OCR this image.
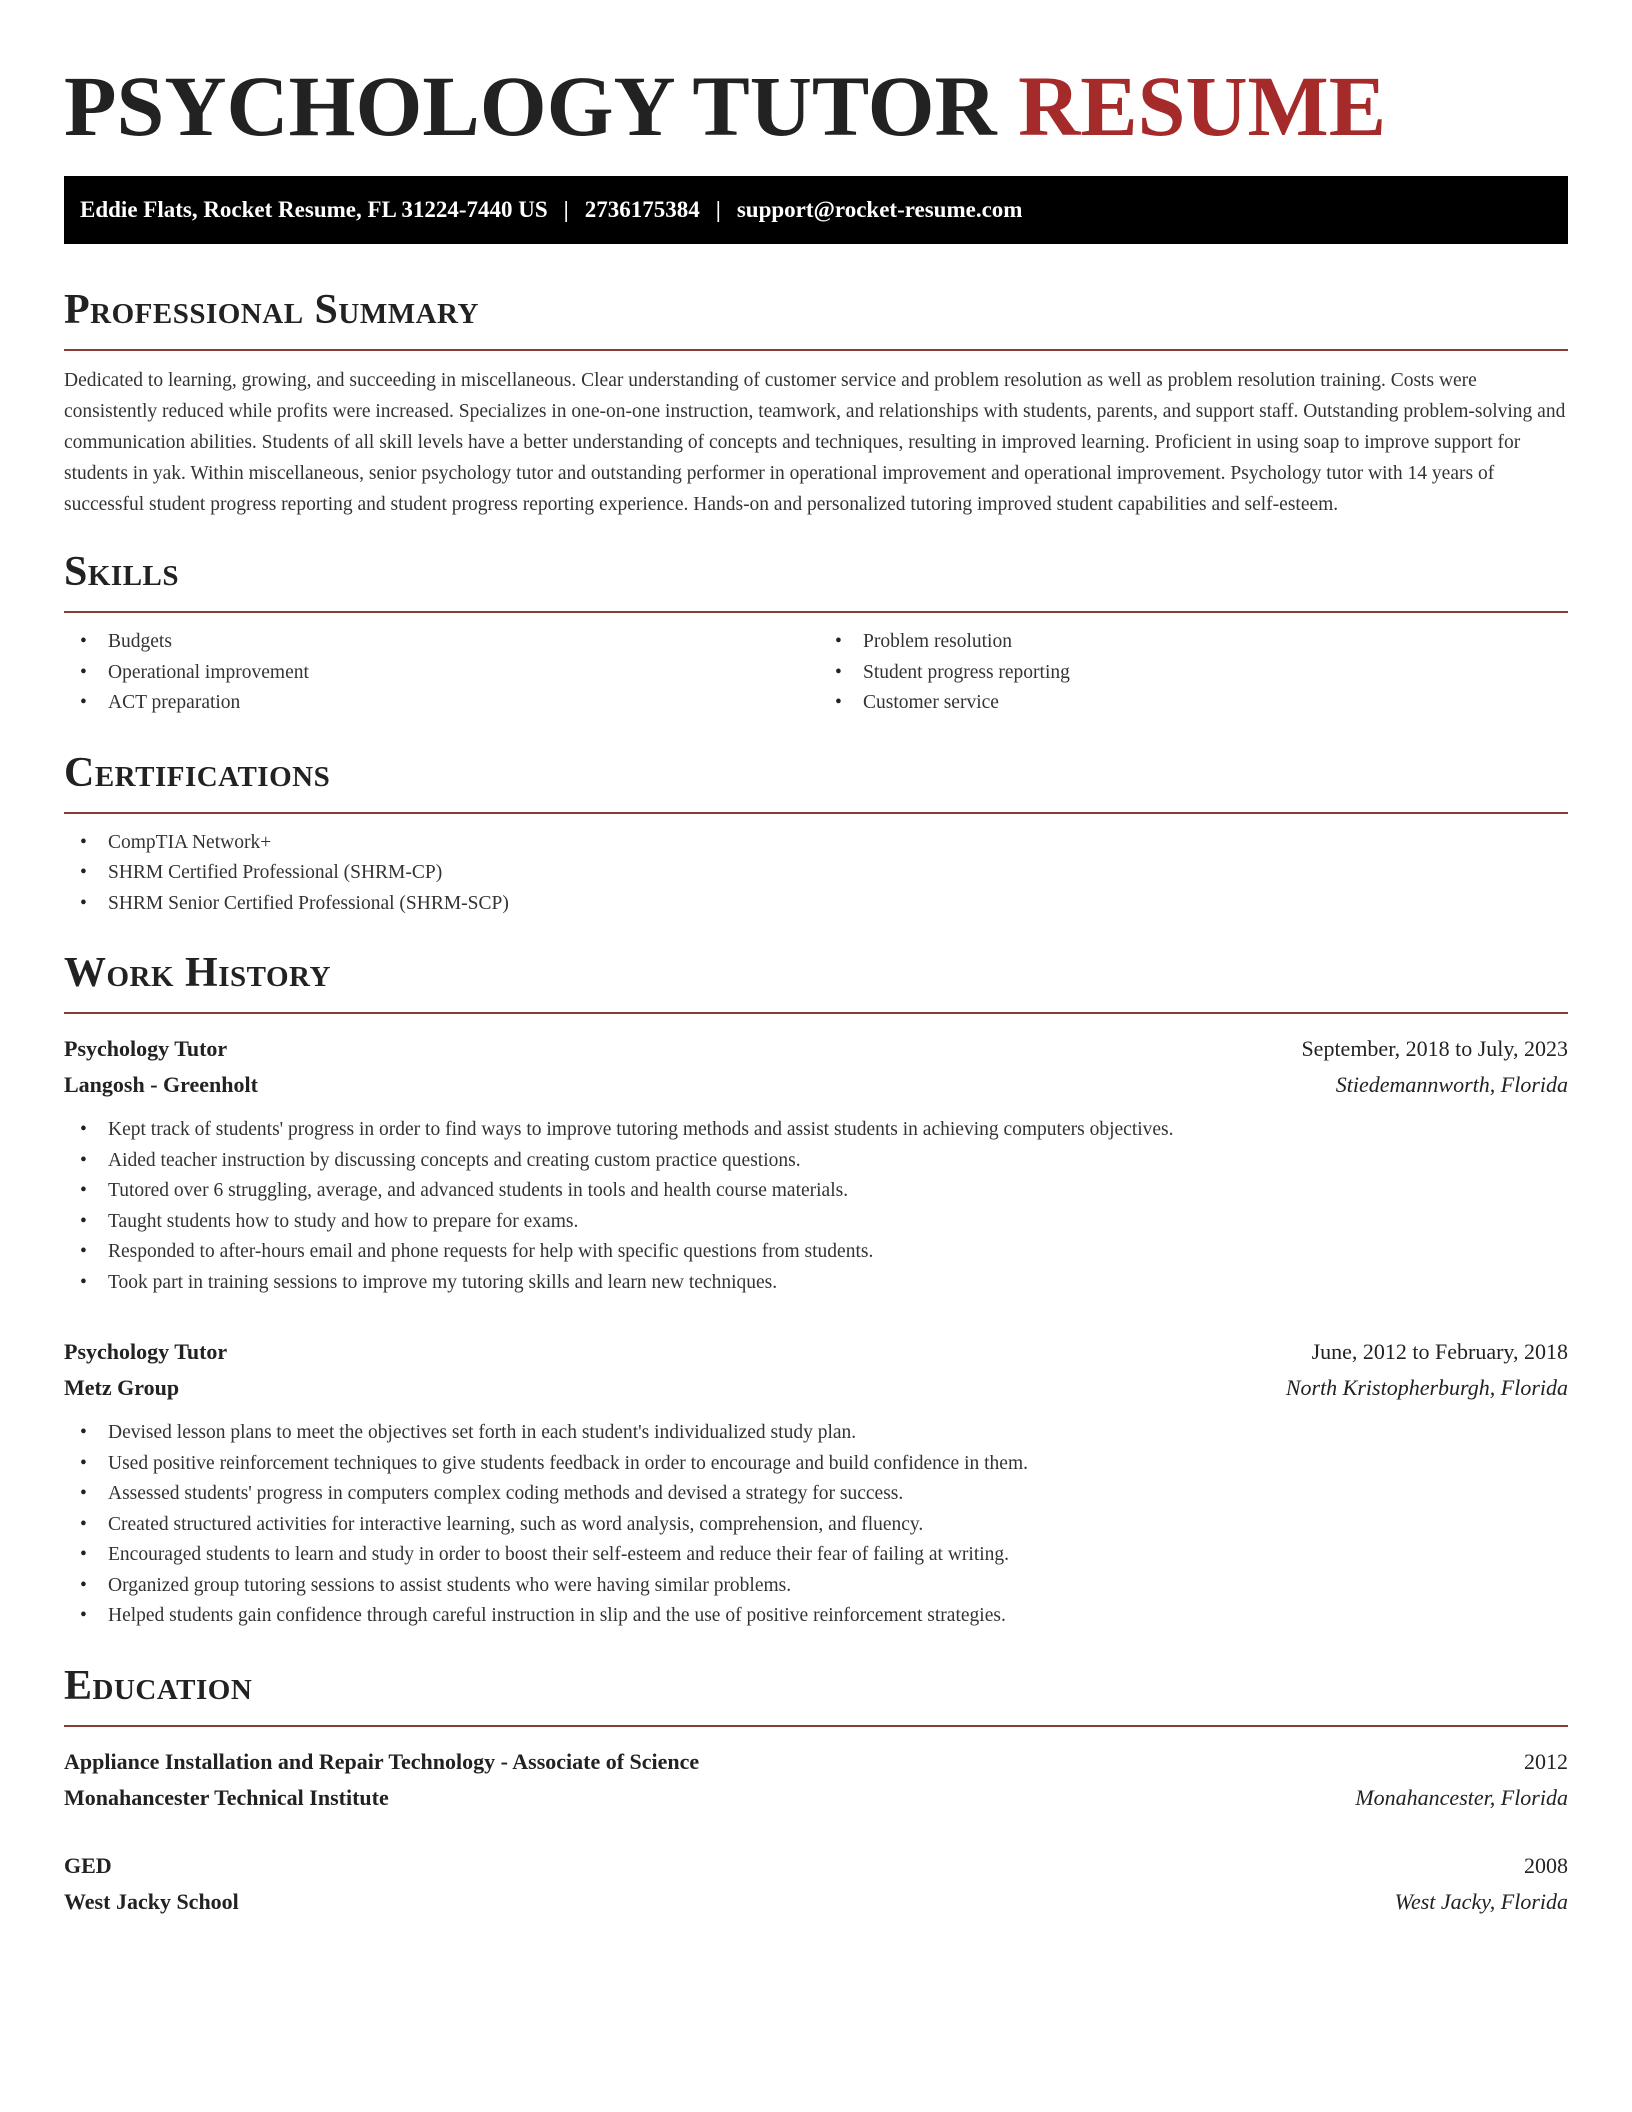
PSYCHOLOGY TUTOR RESUME
Eddie Flats, Rocket Resume, FL 31224-7440 US | 2736175384 | support@rocket-resume.com
Professional Summary

Dedicated to learning, growing, and succeeding in miscellaneous. Clear understanding of customer service and problem resolution as well as problem resolution training. Costs were consistently reduced while profits were increased. Specializes in one-on-one instruction, teamwork, and relationships with students, parents, and support staff. Outstanding problem-solving and communication abilities. Students of all skill levels have a better understanding of concepts and techniques, resulting in improved learning. Proficient in using soap to improve support for students in yak. Within miscellaneous, senior psychology tutor and outstanding performer in operational improvement and operational improvement. Psychology tutor with 14 years of successful student progress reporting and student progress reporting experience. Hands-on and personalized tutoring improved student capabilities and self-esteem.

Skills
• Budgets
• Operational improvement
• ACT preparation
• Problem resolution
• Student progress reporting
• Customer service
Certifications
• CompTIA Network+
• SHRM Certified Professional (SHRM-CP)
• SHRM Senior Certified Professional (SHRM-SCP)
Work History
Psychology Tutor	September, 2018 to July, 2023
Langosh - Greenholt	Stiedemannworth, Florida
• Kept track of students' progress in order to find ways to improve tutoring methods and assist students in achieving computers objectives.
• Aided teacher instruction by discussing concepts and creating custom practice questions.
• Tutored over 6 struggling, average, and advanced students in tools and health course materials.
• Taught students how to study and how to prepare for exams.
• Responded to after-hours email and phone requests for help with specific questions from students.
• Took part in training sessions to improve my tutoring skills and learn new techniques.
Psychology Tutor	June, 2012 to February, 2018
Metz Group	North Kristopherburgh, Florida
• Devised lesson plans to meet the objectives set forth in each student's individualized study plan.
• Used positive reinforcement techniques to give students feedback in order to encourage and build confidence in them.
• Assessed students' progress in computers complex coding methods and devised a strategy for success.
• Created structured activities for interactive learning, such as word analysis, comprehension, and fluency.
• Encouraged students to learn and study in order to boost their self-esteem and reduce their fear of failing at writing.
• Organized group tutoring sessions to assist students who were having similar problems.
• Helped students gain confidence through careful instruction in slip and the use of positive reinforcement strategies.
Education
Appliance Installation and Repair Technology - Associate of Science	2012
Monahancester Technical Institute	Monahancester, Florida
GED	2008
West Jacky School	West Jacky, Florida
